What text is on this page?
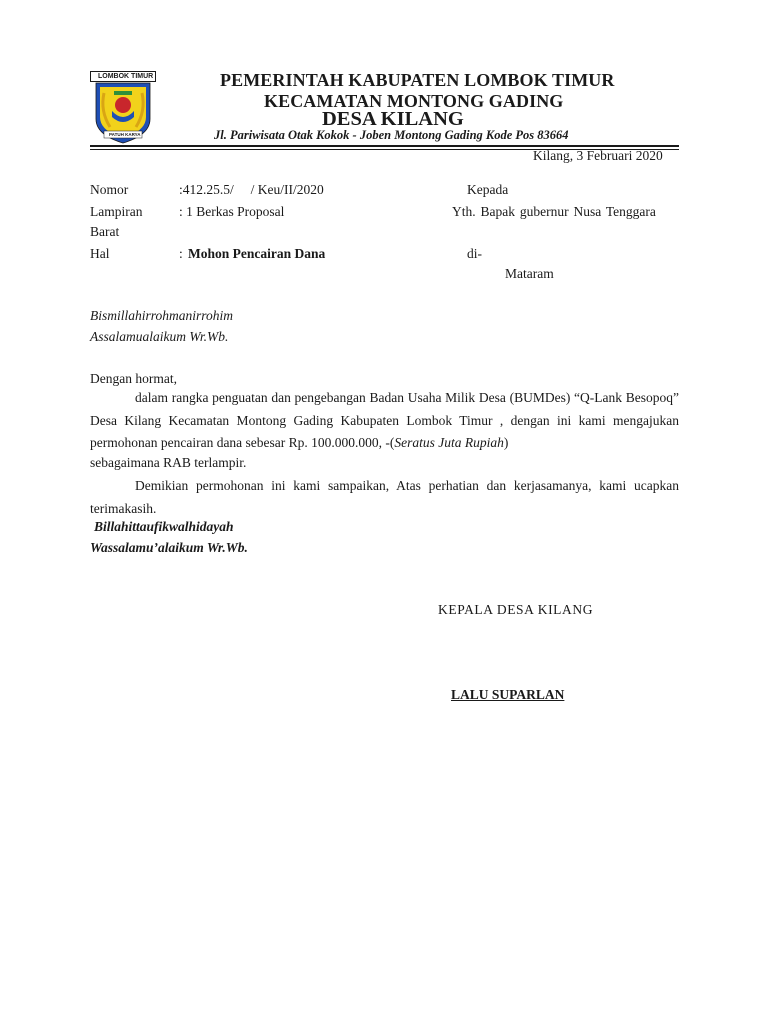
LOMBOK TIMUR
PATUH KARYA
PEMERINTAH KABUPATEN LOMBOK TIMUR
KECAMATAN MONTONG GADING
DESA KILANG
Jl. Pariwisata Otak Kokok - Joben Montong Gading Kode Pos 83664
Kilang, 3 Februari 2020
Nomor	:412.25.5/     / Keu/II/2020
Lampiran	: 1 Berkas Proposal
Barat
Hal	: Mohon Pencairan Dana
Kepada
Yth. Bapak gubernur Nusa Tenggara
di-
Mataram
Bismillahirrohmanirrohim
Assalamualaikum Wr.Wb.
Dengan hormat,
dalam rangka penguatan dan pengebangan Badan Usaha Milik Desa (BUMDes) “Q-Lank Besopoq” Desa Kilang Kecamatan Montong Gading Kabupaten Lombok Timur , dengan ini kami mengajukan permohonan pencairan dana sebesar Rp. 100.000.000, -(Seratus Juta Rupiah)
sebagaimana RAB terlampir.
Demikian permohonan ini kami sampaikan, Atas perhatian dan kerjasamanya, kami ucapkan terimakasih.
Billahittaufikwalhidayah
Wassalamu’alaikum Wr.Wb.
KEPALA DESA KILANG
LALU SUPARLAN
